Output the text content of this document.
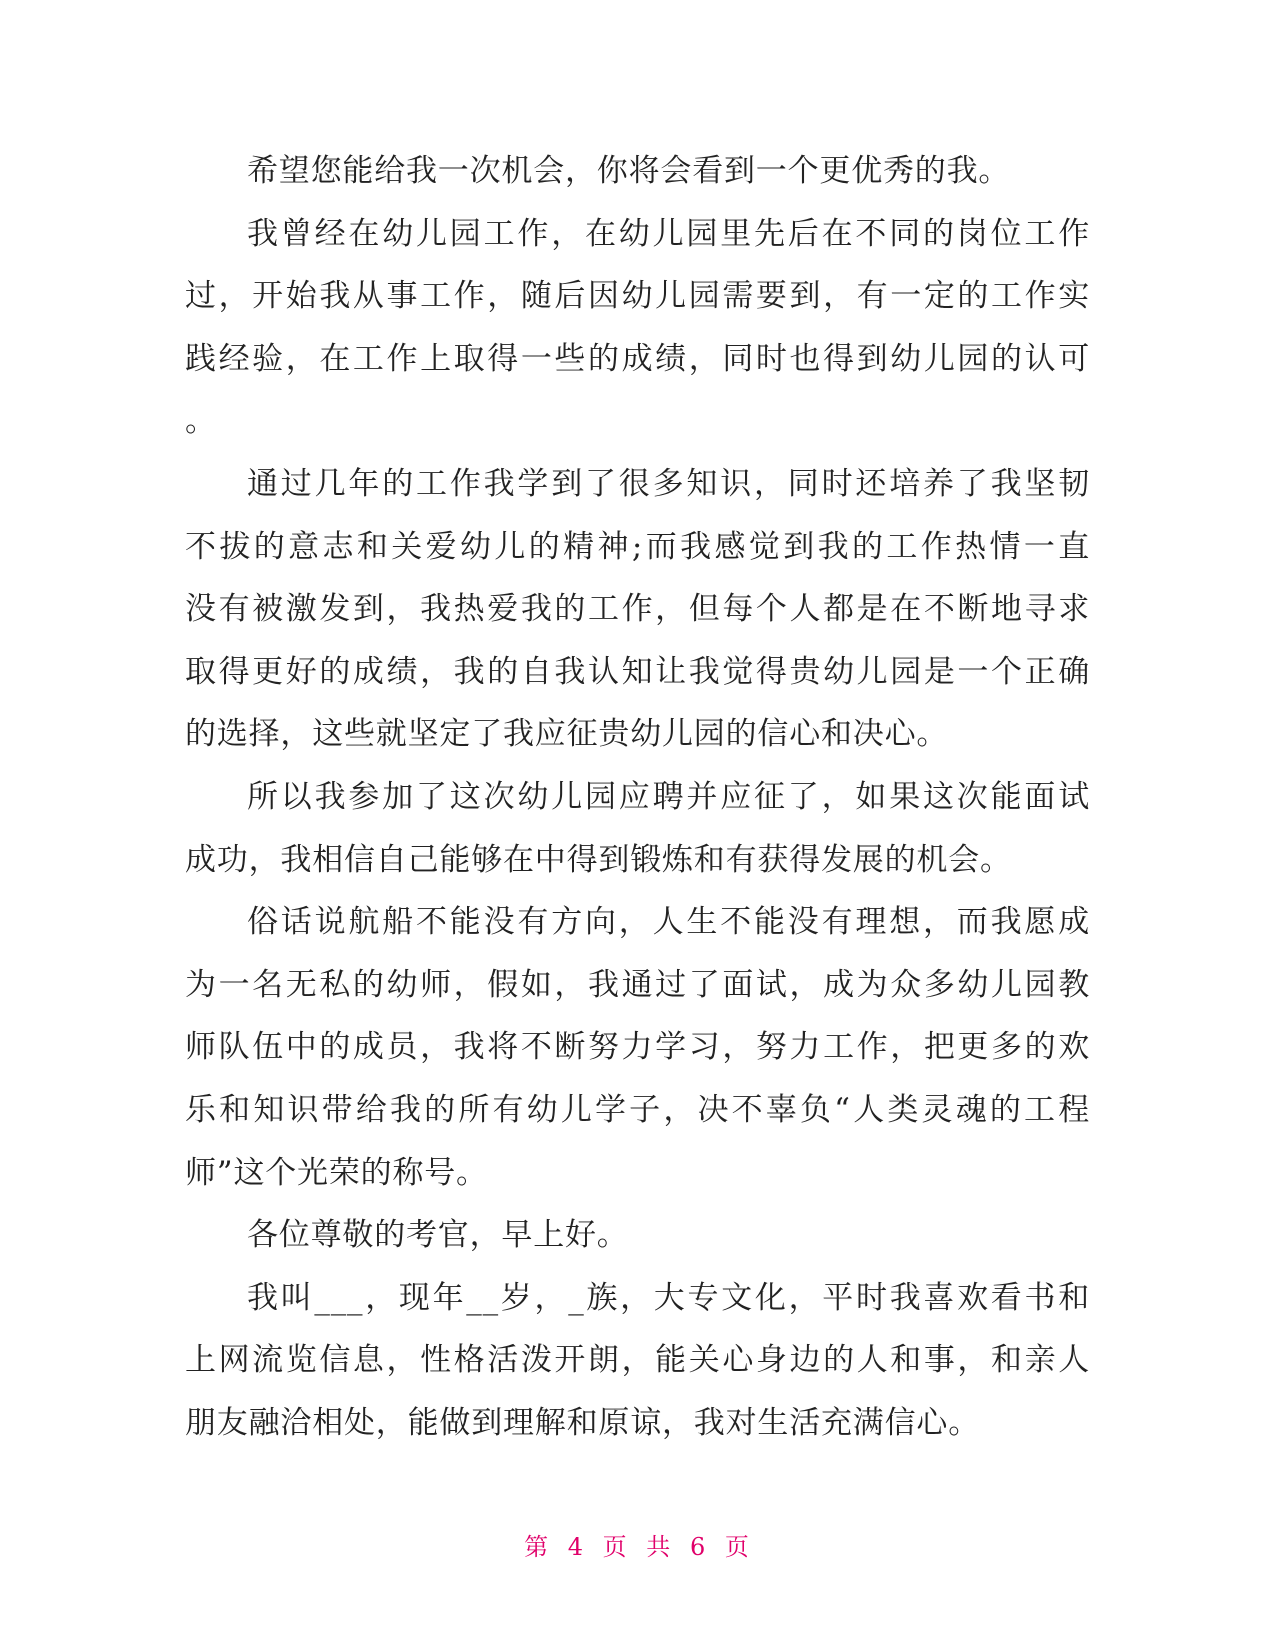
希望您能给我一次机会，你将会看到一个更优秀的我。
我曾经在幼儿园工作，在幼儿园里先后在不同的岗位工作
过，开始我从事工作，随后因幼儿园需要到，有一定的工作实
践经验，在工作上取得一些的成绩，同时也得到幼儿园的认可
。
通过几年的工作我学到了很多知识，同时还培养了我坚韧
不拔的意志和关爱幼儿的精神;而我感觉到我的工作热情一直
没有被激发到，我热爱我的工作，但每个人都是在不断地寻求
取得更好的成绩，我的自我认知让我觉得贵幼儿园是一个正确
的选择，这些就坚定了我应征贵幼儿园的信心和决心。
所以我参加了这次幼儿园应聘并应征了，如果这次能面试
成功，我相信自己能够在中得到锻炼和有获得发展的机会。
俗话说航船不能没有方向，人生不能没有理想，而我愿成
为一名无私的幼师，假如，我通过了面试，成为众多幼儿园教
师队伍中的成员，我将不断努力学习，努力工作，把更多的欢
乐和知识带给我的所有幼儿学子，决不辜负“人类灵魂的工程
师”这个光荣的称号。
各位尊敬的考官，早上好。
我叫___，现年__岁，_族，大专文化，平时我喜欢看书和
上网流览信息，性格活泼开朗，能关心身边的人和事，和亲人
朋友融洽相处，能做到理解和原谅，我对生活充满信心。
第 4 页 共 6 页
